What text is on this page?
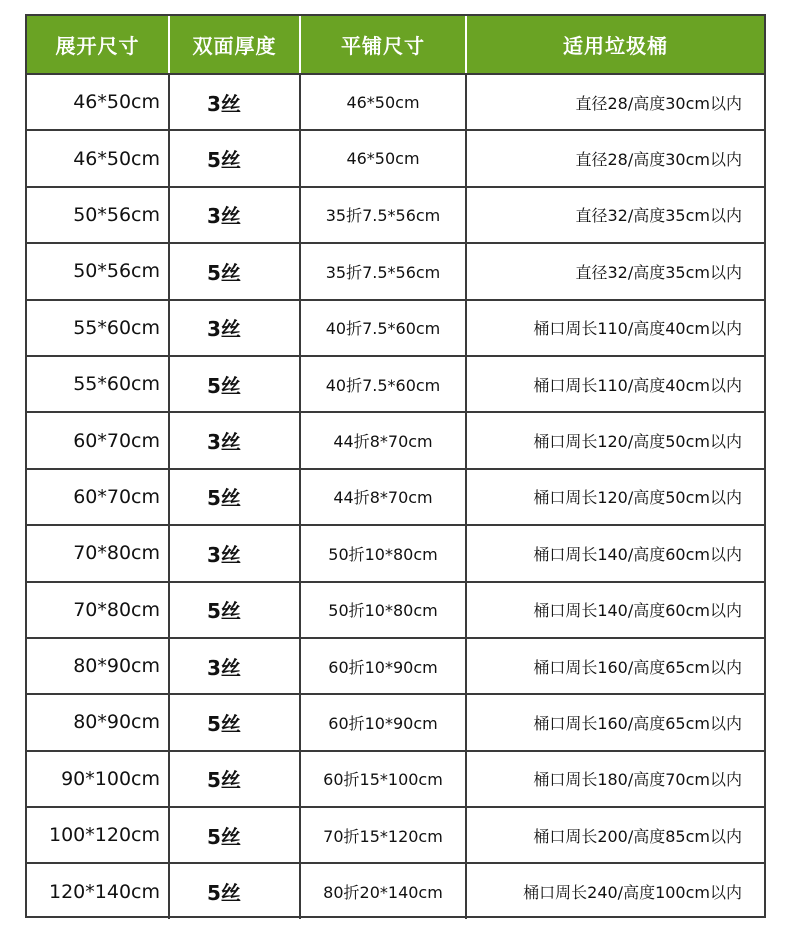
展开尺寸	双面厚度	平铺尺寸	适用垃圾桶
46*50cm	3丝	46*50cm	直径28/高度30cm以内
46*50cm	5丝	46*50cm	直径28/高度30cm以内
50*56cm	3丝	35折7.5*56cm	直径32/高度35cm以内
50*56cm	5丝	35折7.5*56cm	直径32/高度35cm以内
55*60cm	3丝	40折7.5*60cm	桶口周长110/高度40cm以内
55*60cm	5丝	40折7.5*60cm	桶口周长110/高度40cm以内
60*70cm	3丝	44折8*70cm	桶口周长120/高度50cm以内
60*70cm	5丝	44折8*70cm	桶口周长120/高度50cm以内
70*80cm	3丝	50折10*80cm	桶口周长140/高度60cm以内
70*80cm	5丝	50折10*80cm	桶口周长140/高度60cm以内
80*90cm	3丝	60折10*90cm	桶口周长160/高度65cm以内
80*90cm	5丝	60折10*90cm	桶口周长160/高度65cm以内
90*100cm	5丝	60折15*100cm	桶口周长180/高度70cm以内
100*120cm	5丝	70折15*120cm	桶口周长200/高度85cm以内
120*140cm	5丝	80折20*140cm	桶口周长240/高度100cm以内
